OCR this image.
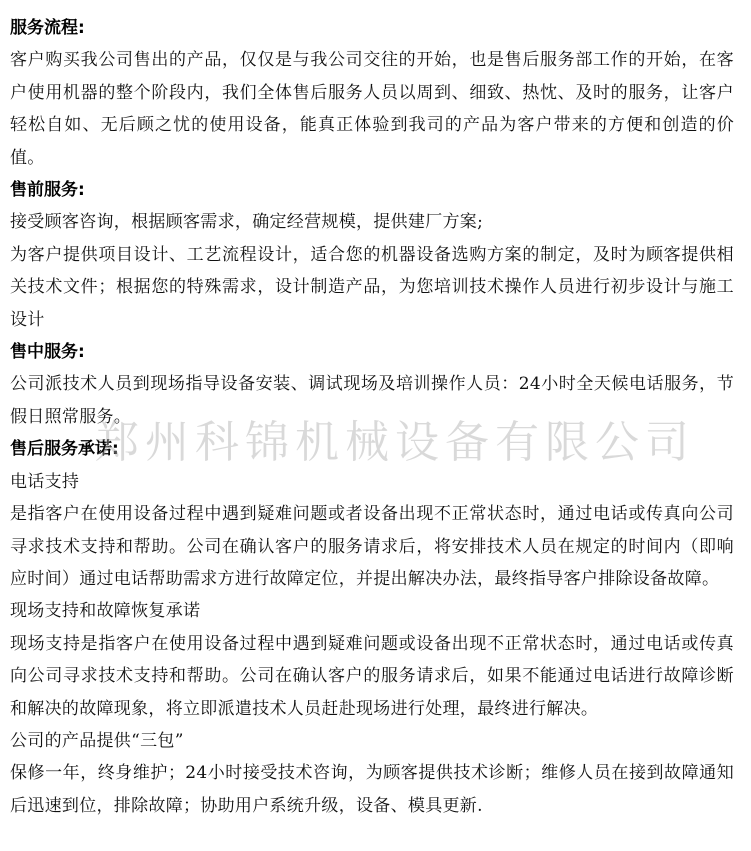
服务流程:

客户购买我公司售出的产品，仅仅是与我公司交往的开始，也是售后服务部工作的开始，在客户使用机器的整个阶段内，我们全体售后服务人员以周到、细致、热忱、及时的服务，让客户轻松自如、无后顾之忧的使用设备，能真正体验到我司的产品为客户带来的方便和创造的价值。

售前服务:

接受顾客咨询，根据顾客需求，确定经营规模，提供建厂方案;

为客户提供项目设计、工艺流程设计，适合您的机器设备选购方案的制定，及时为顾客提供相关技术文件；根据您的特殊需求，设计制造产品，为您培训技术操作人员进行初步设计与施工设计

售中服务:

公司派技术人员到现场指导设备安装、调试现场及培训操作人员：24小时全天候电话服务，节假日照常服务。

售后服务承诺:

电话支持

是指客户在使用设备过程中遇到疑难问题或者设备出现不正常状态时，通过电话或传真向公司寻求技术支持和帮助。公司在确认客户的服务请求后，将安排技术人员在规定的时间内（即响应时间）通过电话帮助需求方进行故障定位，并提出解决办法，最终指导客户排除设备故障。

现场支持和故障恢复承诺

现场支持是指客户在使用设备过程中遇到疑难问题或设备出现不正常状态时，通过电话或传真向公司寻求技术支持和帮助。公司在确认客户的服务请求后，如果不能通过电话进行故障诊断和解决的故障现象，将立即派遣技术人员赶赴现场进行处理，最终进行解决。

公司的产品提供“三包”

保修一年，终身维护；24小时接受技术咨询，为顾客提供技术诊断；维修人员在接到故障通知后迅速到位，排除故障；协助用户系统升级，设备、模具更新.

郑州科锦机械设备有限公司
